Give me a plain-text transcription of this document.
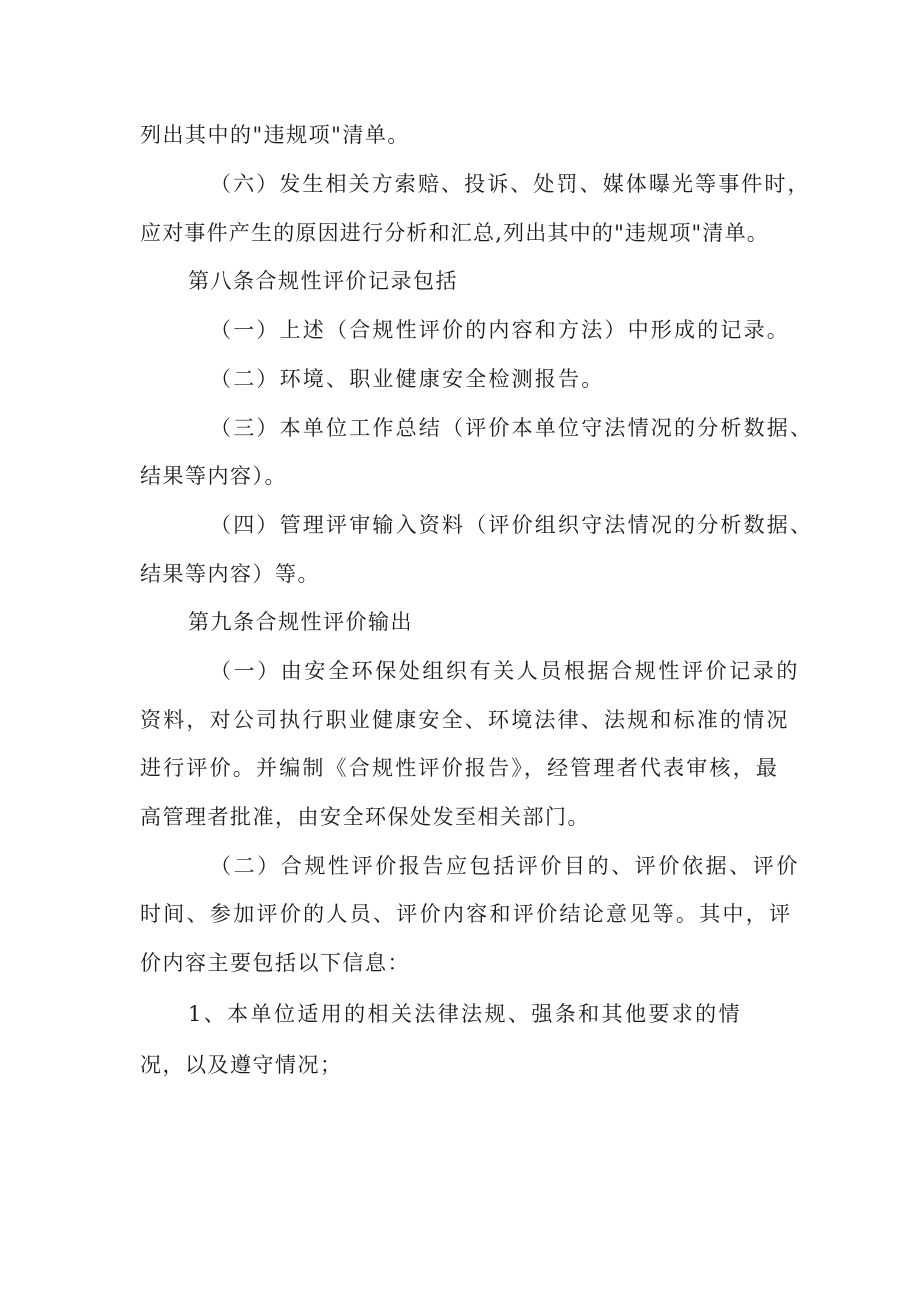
列出其中的"违规项"清单。
（六）发生相关方索赔、投诉、处罚、媒体曝光等事件时，
应对事件产生的原因进行分析和汇总,列出其中的"违规项"清单。
第八条合规性评价记录包括
（一）上述（合规性评价的内容和方法）中形成的记录。
（二）环境、职业健康安全检测报告。
（三）本单位工作总结（评价本单位守法情况的分析数据、
结果等内容）。
（四）管理评审输入资料（评价组织守法情况的分析数据、
结果等内容）等。
第九条合规性评价输出
（一）由安全环保处组织有关人员根据合规性评价记录的
资料，对公司执行职业健康安全、环境法律、法规和标准的情况
进行评价。并编制《合规性评价报告》，经管理者代表审核，最
高管理者批准，由安全环保处发至相关部门。
（二）合规性评价报告应包括评价目的、评价依据、评价
时间、参加评价的人员、评价内容和评价结论意见等。其中，评
价内容主要包括以下信息：
1、本单位适用的相关法律法规、强条和其他要求的情
况，以及遵守情况；
